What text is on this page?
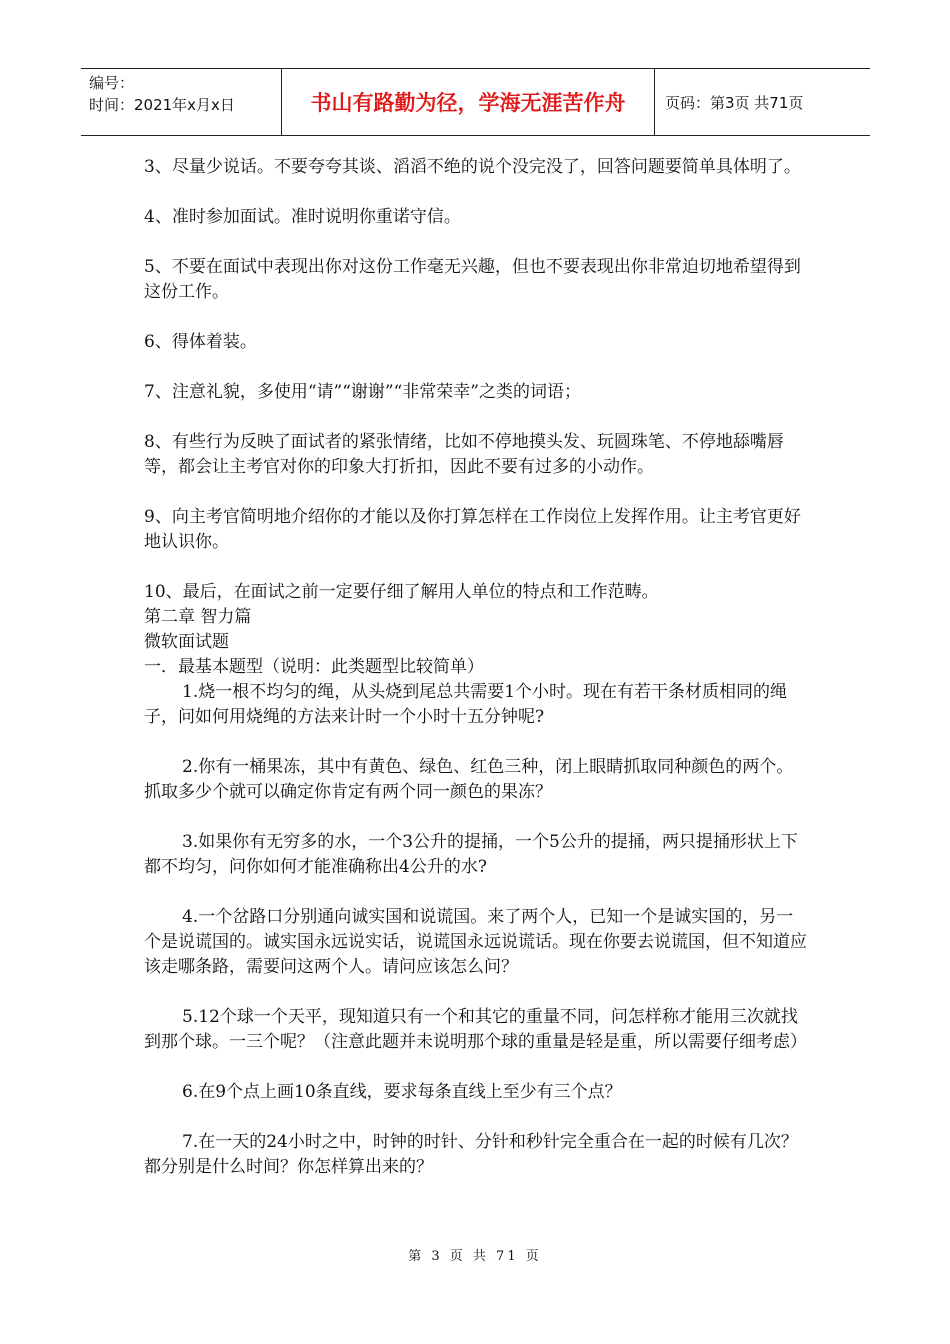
编号：
时间：2021年x月x日	书山有路勤为径，学海无涯苦作舟	页码：第3页 共71页

3、尽量少说话。不要夸夸其谈、滔滔不绝的说个没完没了，回答问题要简单具体明了。

4、准时参加面试。准时说明你重诺守信。

5、不要在面试中表现出你对这份工作毫无兴趣，但也不要表现出你非常迫切地希望得到这份工作。

6、得体着装。

7、注意礼貌，多使用“请”“谢谢”“非常荣幸”之类的词语；

8、有些行为反映了面试者的紧张情绪，比如不停地摸头发、玩圆珠笔、不停地舔嘴唇等，都会让主考官对你的印象大打折扣，因此不要有过多的小动作。

9、向主考官简明地介绍你的才能以及你打算怎样在工作岗位上发挥作用。让主考官更好地认识你。

10、最后，在面试之前一定要仔细了解用人单位的特点和工作范畴。

第二章 智力篇

微软面试题

一．最基本题型（说明：此类题型比较简单）

1.烧一根不均匀的绳，从头烧到尾总共需要1个小时。现在有若干条材质相同的绳子，问如何用烧绳的方法来计时一个小时十五分钟呢?

2.你有一桶果冻，其中有黄色、绿色、红色三种，闭上眼睛抓取同种颜色的两个。抓取多少个就可以确定你肯定有两个同一颜色的果冻？

3.如果你有无穷多的水，一个3公升的提捅，一个5公升的提捅，两只提捅形状上下都不均匀，问你如何才能准确称出4公升的水?

4.一个岔路口分别通向诚实国和说谎国。来了两个人，已知一个是诚实国的，另一个是说谎国的。诚实国永远说实话，说谎国永远说谎话。现在你要去说谎国，但不知道应该走哪条路，需要问这两个人。请问应该怎么问？

5.12个球一个天平，现知道只有一个和其它的重量不同，问怎样称才能用三次就找到那个球。一三个呢？（注意此题并未说明那个球的重量是轻是重，所以需要仔细考虑）

6.在9个点上画10条直线，要求每条直线上至少有三个点？

7.在一天的24小时之中，时钟的时针、分针和秒针完全重合在一起的时候有几次？都分别是什么时间？你怎样算出来的？

第 3 页 共 71 页
